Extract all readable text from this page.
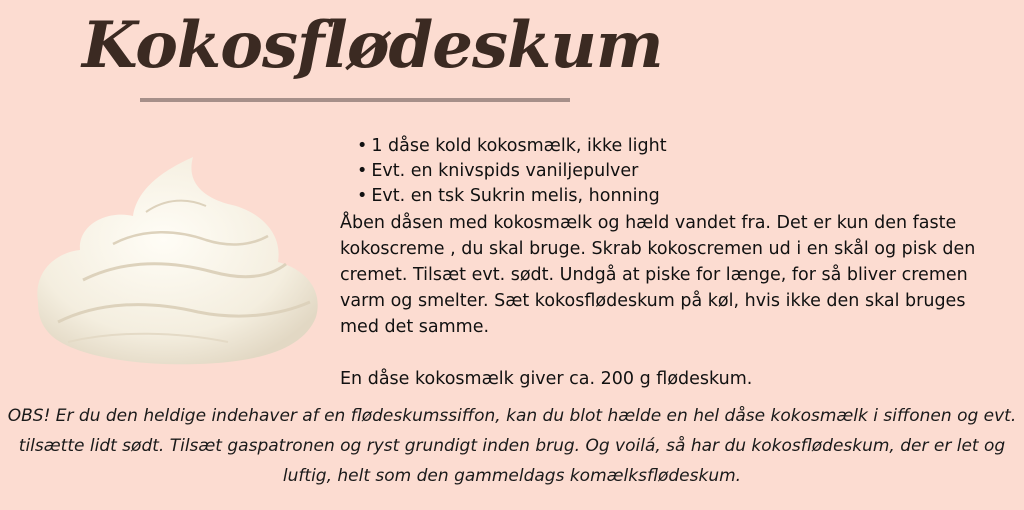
Kokosflødeskum
• 1 dåse kold kokosmælk, ikke light
• Evt. en knivspids vaniljepulver
• Evt. en tsk Sukrin melis, honning

Åben dåsen med kokosmælk og hæld vandet fra. Det er kun den faste kokoscreme , du skal bruge. Skrab kokoscremen ud i en skål og pisk den cremet. Tilsæt evt. sødt. Undgå at piske for længe, for så bliver cremen varm og smelter. Sæt kokosflødeskum på køl, hvis ikke den skal bruges med det samme.

En dåse kokosmælk giver ca. 200 g flødeskum.

OBS! Er du den heldige indehaver af en flødeskumssiffon, kan du blot hælde en hel dåse kokosmælk i siffonen og evt. tilsætte lidt sødt. Tilsæt gaspatronen og ryst grundigt inden brug. Og voilá, så har du kokosflødeskum, der er let og luftig, helt som den gammeldags komælksflødeskum.
